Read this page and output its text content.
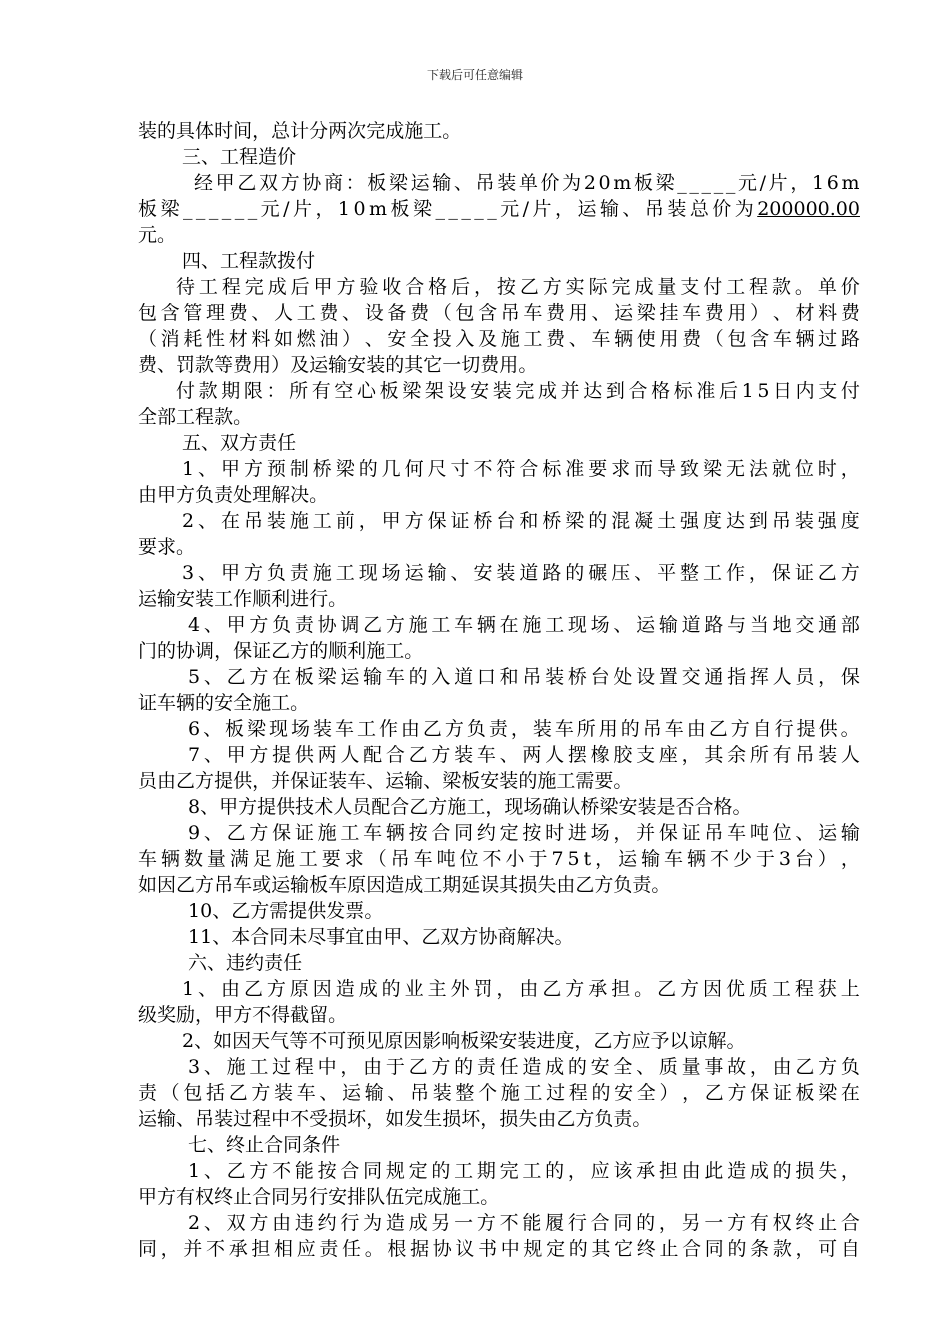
下载后可任意编辑
装 的 具 体 时 间 ， 总 计 分 两 次 完 成 施 工 。
三 、 工 程 造 价
经 甲 乙 双 方 协 商 ： 板 梁 运 输 、 吊 装 单 价 为 2 0 m 板 梁 _ _ _ _ _ 元 / 片 ， 1 6 m
板 梁 _ _ _ _ _ _ 元 / 片 ， 1 0 m 板 梁 _ _ _ _ _ 元 / 片 ， 运 输 、 吊 装 总 价 为 200000.00
元 。
四 、 工 程 款 拨 付
待 工 程 完 成 后 甲 方 验 收 合 格 后 ， 按 乙 方 实 际 完 成 量 支 付 工 程 款 。 单 价
包 含 管 理 费 、 人 工 费 、 设 备 费 （ 包 含 吊 车 费 用 、 运 梁 挂 车 费 用 ） 、 材 料 费
（ 消 耗 性 材 料 如 燃 油 ） 、 安 全 投 入 及 施 工 费 、 车 辆 使 用 费 （ 包 含 车 辆 过 路
费 、 罚 款 等 费 用 ） 及 运 输 安 装 的 其 它 一 切 费 用 。
付 款 期 限 ： 所 有 空 心 板 梁 架 设 安 装 完 成 并 达 到 合 格 标 准 后 1 5 日 内 支 付
全 部 工 程 款 。
五 、 双 方 责 任
1 、 甲 方 预 制 桥 梁 的 几 何 尺 寸 不 符 合 标 准 要 求 而 导 致 梁 无 法 就 位 时 ，
由 甲 方 负 责 处 理 解 决 。
2 、 在 吊 装 施 工 前 ， 甲 方 保 证 桥 台 和 桥 梁 的 混 凝 土 强 度 达 到 吊 装 强 度
要 求 。
3 、 甲 方 负 责 施 工 现 场 运 输 、 安 装 道 路 的 碾 压 、 平 整 工 作 ， 保 证 乙 方
运 输 安 装 工 作 顺 利 进 行 。
4 、 甲 方 负 责 协 调 乙 方 施 工 车 辆 在 施 工 现 场 、 运 输 道 路 与 当 地 交 通 部
门 的 协 调 ， 保 证 乙 方 的 顺 利 施 工 。
5 、 乙 方 在 板 梁 运 输 车 的 入 道 口 和 吊 装 桥 台 处 设 置 交 通 指 挥 人 员 ， 保
证 车 辆 的 安 全 施 工 。
6 、 板 梁 现 场 装 车 工 作 由 乙 方 负 责 ， 装 车 所 用 的 吊 车 由 乙 方 自 行 提 供 。
7 、 甲 方 提 供 两 人 配 合 乙 方 装 车 、 两 人 摆 橡 胶 支 座 ， 其 余 所 有 吊 装 人
员 由 乙 方 提 供 ， 并 保 证 装 车 、 运 输 、 梁 板 安 装 的 施 工 需 要 。
8 、 甲 方 提 供 技 术 人 员 配 合 乙 方 施 工 ， 现 场 确 认 桥 梁 安 装 是 否 合 格 。
9 、 乙 方 保 证 施 工 车 辆 按 合 同 约 定 按 时 进 场 ， 并 保 证 吊 车 吨 位 、 运 输
车 辆 数 量 满 足 施 工 要 求 （ 吊 车 吨 位 不 小 于 7 5 t ， 运 输 车 辆 不 少 于 3 台 ） ，
如 因 乙 方 吊 车 或 运 输 板 车 原 因 造 成 工 期 延 误 其 损 失 由 乙 方 负 责 。
1 0 、 乙 方 需 提 供 发 票 。
1 1 、 本 合 同 未 尽 事 宜 由 甲 、 乙 双 方 协 商 解 决 。
六 、 违 约 责 任
1 、 由 乙 方 原 因 造 成 的 业 主 外 罚 ， 由 乙 方 承 担 。 乙 方 因 优 质 工 程 获 上
级 奖 励 ， 甲 方 不 得 截 留 。
2 、 如 因 天 气 等 不 可 预 见 原 因 影 响 板 梁 安 装 进 度 ， 乙 方 应 予 以 谅 解 。
3 、 施 工 过 程 中 ， 由 于 乙 方 的 责 任 造 成 的 安 全 、 质 量 事 故 ， 由 乙 方 负
责 （ 包 括 乙 方 装 车 、 运 输 、 吊 装 整 个 施 工 过 程 的 安 全 ） ， 乙 方 保 证 板 梁 在
运 输 、 吊 装 过 程 中 不 受 损 坏 ， 如 发 生 损 坏 ， 损 失 由 乙 方 负 责 。
七 、 终 止 合 同 条 件
1 、 乙 方 不 能 按 合 同 规 定 的 工 期 完 工 的 ， 应 该 承 担 由 此 造 成 的 损 失 ，
甲 方 有 权 终 止 合 同 另 行 安 排 队 伍 完 成 施 工 。
2 、 双 方 由 违 约 行 为 造 成 另 一 方 不 能 履 行 合 同 的 ， 另 一 方 有 权 终 止 合
同 ， 并 不 承 担 相 应 责 任 。 根 据 协 议 书 中 规 定 的 其 它 终 止 合 同 的 条 款 ， 可 自
